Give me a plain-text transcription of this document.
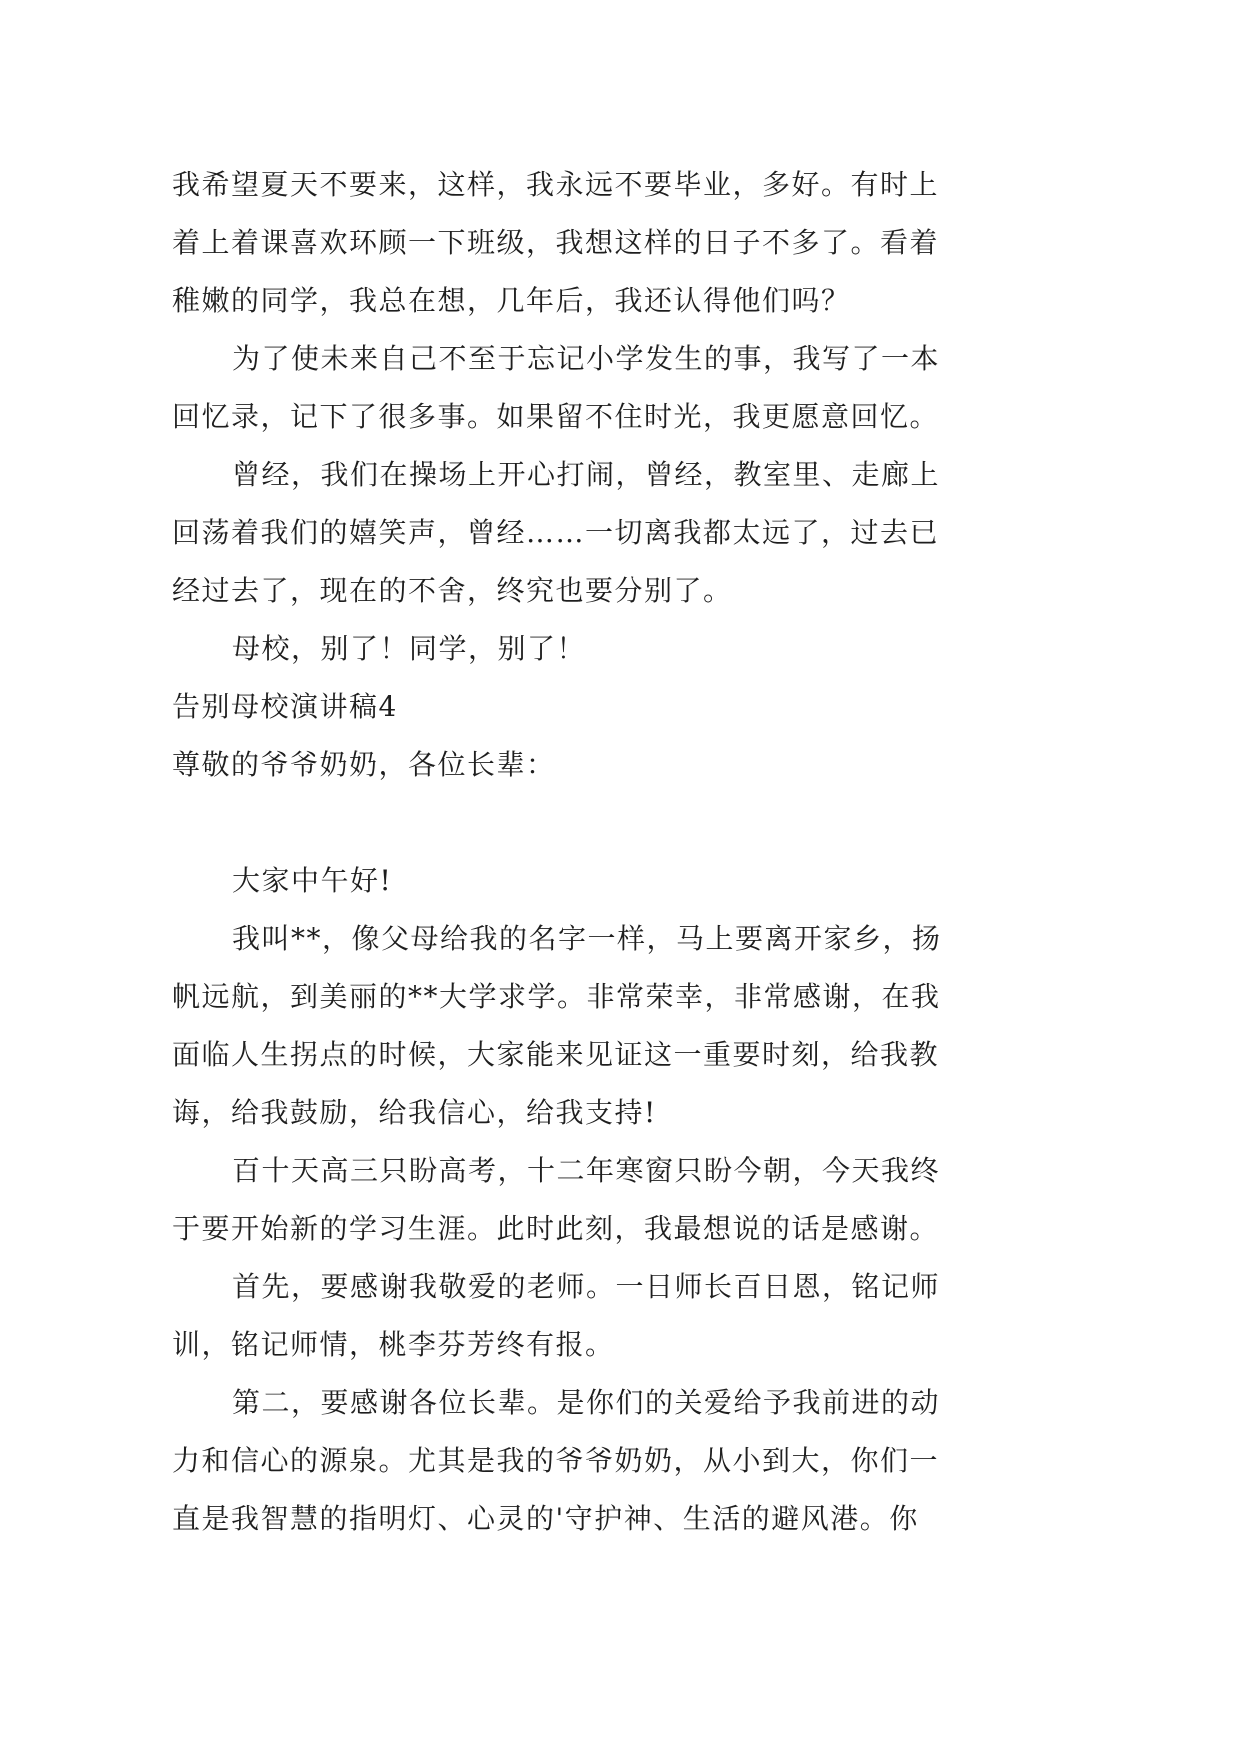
我希望夏天不要来，这样，我永远不要毕业，多好。有时上
着上着课喜欢环顾一下班级，我想这样的日子不多了。看着
稚嫩的同学，我总在想，几年后，我还认得他们吗？
为了使未来自己不至于忘记小学发生的事，我写了一本
回忆录，记下了很多事。如果留不住时光，我更愿意回忆。
曾经，我们在操场上开心打闹，曾经，教室里、走廊上
回荡着我们的嬉笑声，曾经……一切离我都太远了，过去已
经过去了，现在的不舍，终究也要分别了。
母校，别了！同学，别了！
告别母校演讲稿4
尊敬的爷爷奶奶，各位长辈：
大家中午好!
我叫**，像父母给我的名字一样，马上要离开家乡，扬
帆远航，到美丽的**大学求学。非常荣幸，非常感谢，在我
面临人生拐点的时候，大家能来见证这一重要时刻，给我教
诲，给我鼓励，给我信心，给我支持!
百十天高三只盼高考，十二年寒窗只盼今朝，今天我终
于要开始新的学习生涯。此时此刻，我最想说的话是感谢。
首先，要感谢我敬爱的老师。一日师长百日恩，铭记师
训，铭记师情，桃李芬芳终有报。
第二，要感谢各位长辈。是你们的关爱给予我前进的动
力和信心的源泉。尤其是我的爷爷奶奶，从小到大，你们一
直是我智慧的指明灯、心灵的'守护神、生活的避风港。你
